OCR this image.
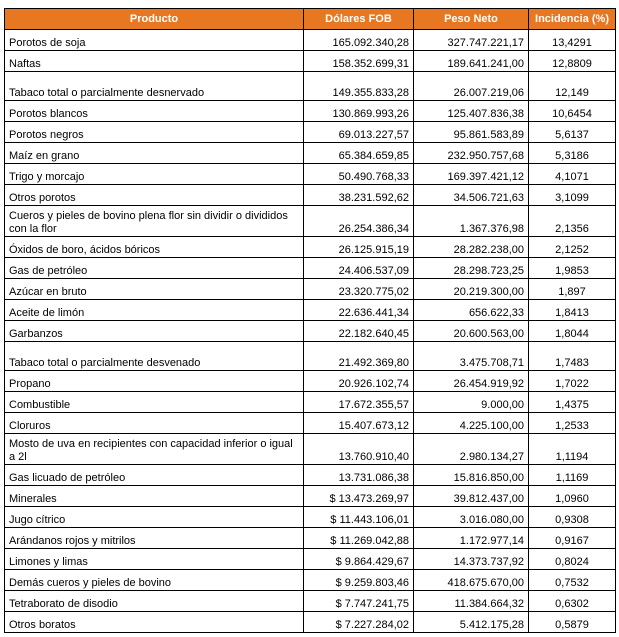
Producto	Dólares FOB	Peso Neto	Incidencia (%)
Porotos de soja	165.092.340,28	327.747.221,17	13,4291
Naftas	158.352.699,31	189.641.241,00	12,8809
Tabaco total o parcialmente desnervado	149.355.833,28	26.007.219,06	12,149
Porotos blancos	130.869.993,26	125.407.836,38	10,6454
Porotos negros	69.013.227,57	95.861.583,89	5,6137
Maíz en grano	65.384.659,85	232.950.757,68	5,3186
Trigo y morcajo	50.490.768,33	169.397.421,12	4,1071
Otros porotos	38.231.592,62	34.506.721,63	3,1099
Cueros y pieles de bovino plena flor sin dividir o divididos con la flor	26.254.386,34	1.367.376,98	2,1356
Óxidos de boro, ácidos bóricos	26.125.915,19	28.282.238,00	2,1252
Gas de petróleo	24.406.537,09	28.298.723,25	1,9853
Azúcar en bruto	23.320.775,02	20.219.300,00	1,897
Aceite de limón	22.636.441,34	656.622,33	1,8413
Garbanzos	22.182.640,45	20.600.563,00	1,8044
Tabaco total o parcialmente desvenado	21.492.369,80	3.475.708,71	1,7483
Propano	20.926.102,74	26.454.919,92	1,7022
Combustible	17.672.355,57	9.000,00	1,4375
Cloruros	15.407.673,12	4.225.100,00	1,2533
Mosto de uva en recipientes con capacidad inferior o igual a 2l	13.760.910,40	2.980.134,27	1,1194
Gas licuado de petróleo	13.731.086,38	15.816.850,00	1,1169
Minerales	$ 13.473.269,97	39.812.437,00	1,0960
Jugo cítrico	$ 11.443.106,01	3.016.080,00	0,9308
Arándanos rojos y mitrilos	$ 11.269.042,88	1.172.977,14	0,9167
Limones y limas	$ 9.864.429,67	14.373.737,92	0,8024
Demás cueros y pieles de bovino	$ 9.259.803,46	418.675.670,00	0,7532
Tetraborato de disodio	$ 7.747.241,75	11.384.664,32	0,6302
Otros boratos	$ 7.227.284,02	5.412.175,28	0,5879
